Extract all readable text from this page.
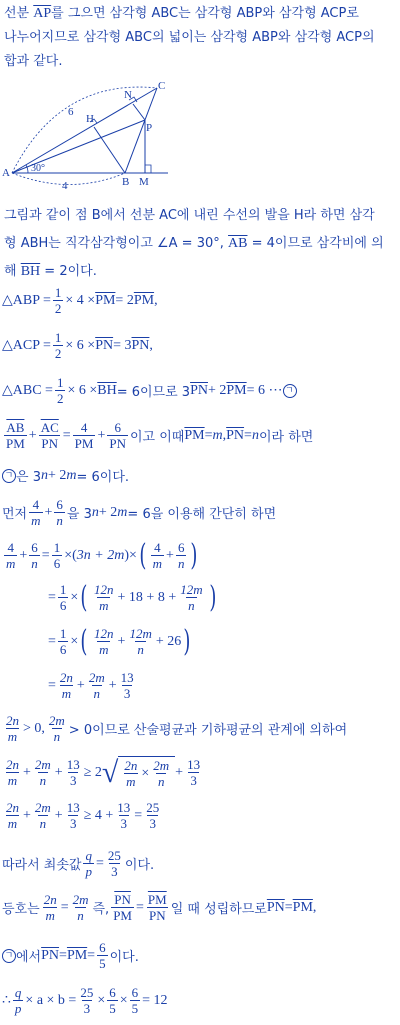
선분 $\overline{AP}$를 그으면 삼각형 ABC는 삼각형 ABP와 삼각형 ACP로
나누어지므로 삼각형 ABC의 넓이는 삼각형 ABP와 삼각형 ACP의
합과 같다.
A
B
C
M
N
H
P
30°
6
4
그림과 같이 점 B에서 선분 AC에 내린 수선의 발을 H라 하면 삼각
형 ABH는 직각삼각형이고 ∠A = 30°, $\overline{AB} = 4$이므로 삼각비에 의
해 $\overline{BH} = 2$이다.
△ABP = $\frac{1}{2} \times 4 \times \overline{PM} = 2$ $\overline{PM}$ ,
△ACP = $\frac{1}{2} \times 6 \times \overline{PN} = 3$ $\overline{PN}$ ,
△ABC = $\frac{1}{2} \times 6 \times \overline{BH} = 6$이므로 3 $\overline{PN} + 2$ $\overline{PM} = 6$ ⋯ ㄱ
$\frac{\overline{AB}}{PM} + \frac{\overline{AC}}{PN} = \frac{4}{PM} + \frac{6}{PN}$ 이고 이때 $\overline{PM} = m$ , $\overline{PN} = n$ 이라 하면
ㄱ 은 3 n + 2 m = 6이다.
먼저 $\frac{4}{m} + \frac{6}{n}$ 을 3 n + 2 m = 6을 이용해 간단히 하면
$\frac{4}{m} + \frac{6}{n} = \frac{1}{6}$ × ( 3n + 2m ) × ( $\frac{4}{m} + \frac{6}{n}$ )
= $\frac{1}{6}$ × ( $\frac{12n}{m} + 18 + 8 + \frac{12m}{n}$ )
= $\frac{1}{6}$ × ( $\frac{12n}{m} + \frac{12m}{n} + 26$ )
= $\frac{2n}{m} + \frac{2m}{n} + \frac{13}{3}$
$\frac{2n}{m} > 0$, $\frac{2m}{n} > 0$이므로 산술평균과 기하평균의 관계에 의하여
$\frac{2n}{m} + \frac{2m}{n} + \frac{13}{3} \ge 2$ √ $\frac{2n}{m} \times \frac{2m}{n} + \frac{13}{3}$
$\frac{2n}{m} + \frac{2m}{n} + \frac{13}{3} \ge 4 + \frac{13}{3} = \frac{25}{3}$
따라서 최솟값 $\frac{q}{p} = \frac{25}{3}$ 이다.
등호는 $\frac{2n}{m} = \frac{2m}{n}$ 즉, $\frac{\overline{PN}}{PM} = \frac{\overline{PM}}{PN}$ 일 때 성립하므로 $\overline{PN} = \overline{PM}$ ,
ㄱ 에서 $\overline{PN} = \overline{PM} = \frac{6}{5}$ 이다.
∴ $\frac{q}{p} \times a \times b = \frac{25}{3} \times \frac{6}{5} \times \frac{6}{5} = 12$
